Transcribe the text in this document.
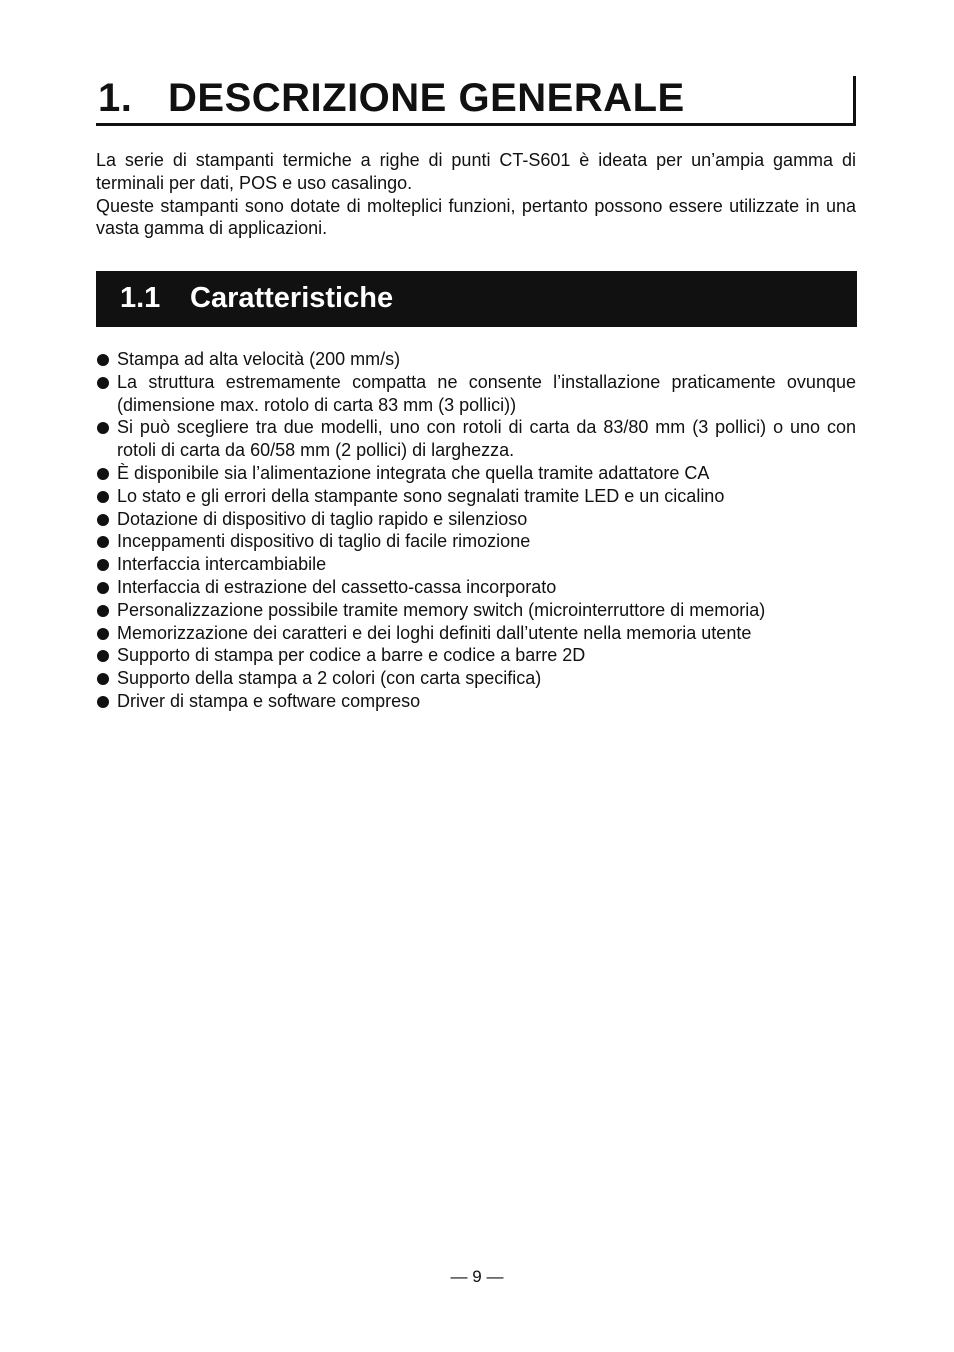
1. DESCRIZIONE GENERALE

La serie di stampanti termiche a righe di punti CT-S601 è ideata per un’ampia gamma di terminali per dati, POS e uso casalingo.

Queste stampanti sono dotate di molteplici funzioni, pertanto possono essere utilizzate in una vasta gamma di applicazioni.

1.1 Caratteristiche
Stampa ad alta velocità (200 mm/s)
La struttura estremamente compatta ne consente l’installazione praticamente ovunque (dimensione max. rotolo di carta 83 mm (3 pollici))
Si può scegliere tra due modelli, uno con rotoli di carta da 83/80 mm (3 pollici) o uno con rotoli di carta da 60/58 mm (2 pollici) di larghezza.
È disponibile sia l’alimentazione integrata che quella tramite adattatore CA
Lo stato e gli errori della stampante sono segnalati tramite LED e un cicalino
Dotazione di dispositivo di taglio rapido e silenzioso
Inceppamenti dispositivo di taglio di facile rimozione
Interfaccia intercambiabile
Interfaccia di estrazione del cassetto-cassa incorporato
Personalizzazione possibile tramite memory switch (microinterruttore di memoria)
Memorizzazione dei caratteri e dei loghi definiti dall’utente nella memoria utente
Supporto di stampa per codice a barre e codice a barre 2D
Supporto della stampa a 2 colori (con carta specifica)
Driver di stampa e software compreso
— 9 —
